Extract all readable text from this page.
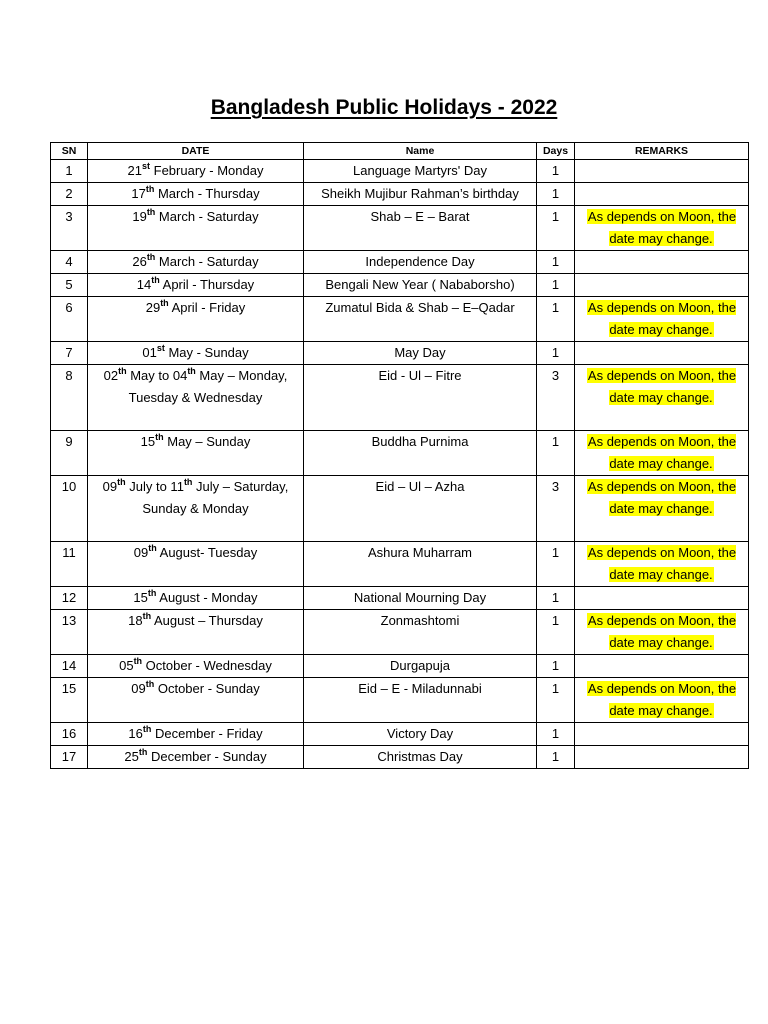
Bangladesh Public Holidays - 2022
SN	DATE	Name	Days	REMARKS
1	21st February - Monday	Language Martyrs' Day	1	
2	17th March - Thursday	Sheikh Mujibur Rahman’s birthday	1	
3	19th March - Saturday	Shab – E – Barat	1	As depends on Moon, the date may change.
4	26th March - Saturday	Independence Day	1	
5	14th April - Thursday	Bengali New Year ( Nababorsho)	1	
6	29th April - Friday	Zumatul Bida & Shab – E–Qadar	1	As depends on Moon, the date may change.
7	01st May - Sunday	May Day	1	
8	02th May to 04th May – Monday, Tuesday & Wednesday	Eid - Ul – Fitre	3	As depends on Moon, the date may change.
9	15th May – Sunday	Buddha Purnima	1	As depends on Moon, the date may change.
10	09th July to 11th July – Saturday, Sunday & Monday	Eid – Ul – Azha	3	As depends on Moon, the date may change.
11	09th August- Tuesday	Ashura Muharram	1	As depends on Moon, the date may change.
12	15th August - Monday	National Mourning Day	1	
13	18th August – Thursday	Zonmashtomi	1	As depends on Moon, the date may change.
14	05th October - Wednesday	Durgapuja	1	
15	09th October - Sunday	Eid – E - Miladunnabi	1	As depends on Moon, the date may change.
16	16th December - Friday	Victory Day	1	
17	25th December - Sunday	Christmas Day	1	
